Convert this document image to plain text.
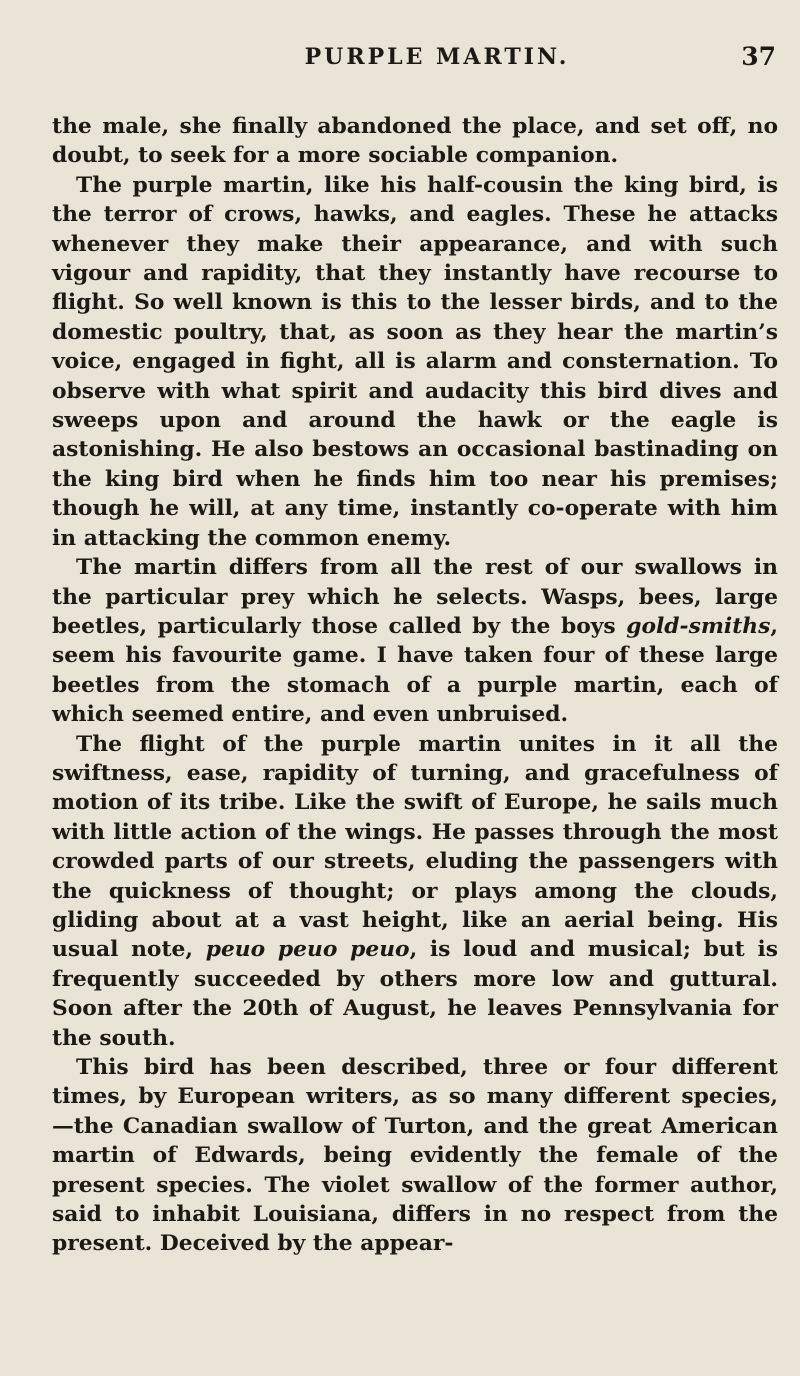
PURPLE MARTIN.	37

the male, she finally abandoned the place, and set off, no doubt, to seek for a more sociable companion.

The purple martin, like his half-cousin the king bird, is the terror of crows, hawks, and eagles. These he attacks whenever they make their appearance, and with such vigour and rapidity, that they instantly have recourse to flight. So well known is this to the lesser birds, and to the domestic poultry, that, as soon as they hear the martin’s voice, engaged in fight, all is alarm and consternation. To observe with what spirit and audacity this bird dives and sweeps upon and around the hawk or the eagle is astonishing. He also bestows an occasional bastinading on the king bird when he finds him too near his premises; though he will, at any time, instantly co-operate with him in attacking the common enemy.

The martin differs from all the rest of our swallows in the particular prey which he selects. Wasps, bees, large beetles, particularly those called by the boys gold-smiths, seem his favourite game. I have taken four of these large beetles from the stomach of a purple martin, each of which seemed entire, and even unbruised.

The flight of the purple martin unites in it all the swiftness, ease, rapidity of turning, and gracefulness of motion of its tribe. Like the swift of Europe, he sails much with little action of the wings. He passes through the most crowded parts of our streets, eluding the passengers with the quickness of thought; or plays among the clouds, gliding about at a vast height, like an aerial being. His usual note, peuo peuo peuo, is loud and musical; but is frequently succeeded by others more low and guttural. Soon after the 20th of August, he leaves Pennsylvania for the south.

This bird has been described, three or four different times, by European writers, as so many different species, —the Canadian swallow of Turton, and the great American martin of Edwards, being evidently the female of the present species. The violet swallow of the former author, said to inhabit Louisiana, differs in no respect from the present. Deceived by the appear-
